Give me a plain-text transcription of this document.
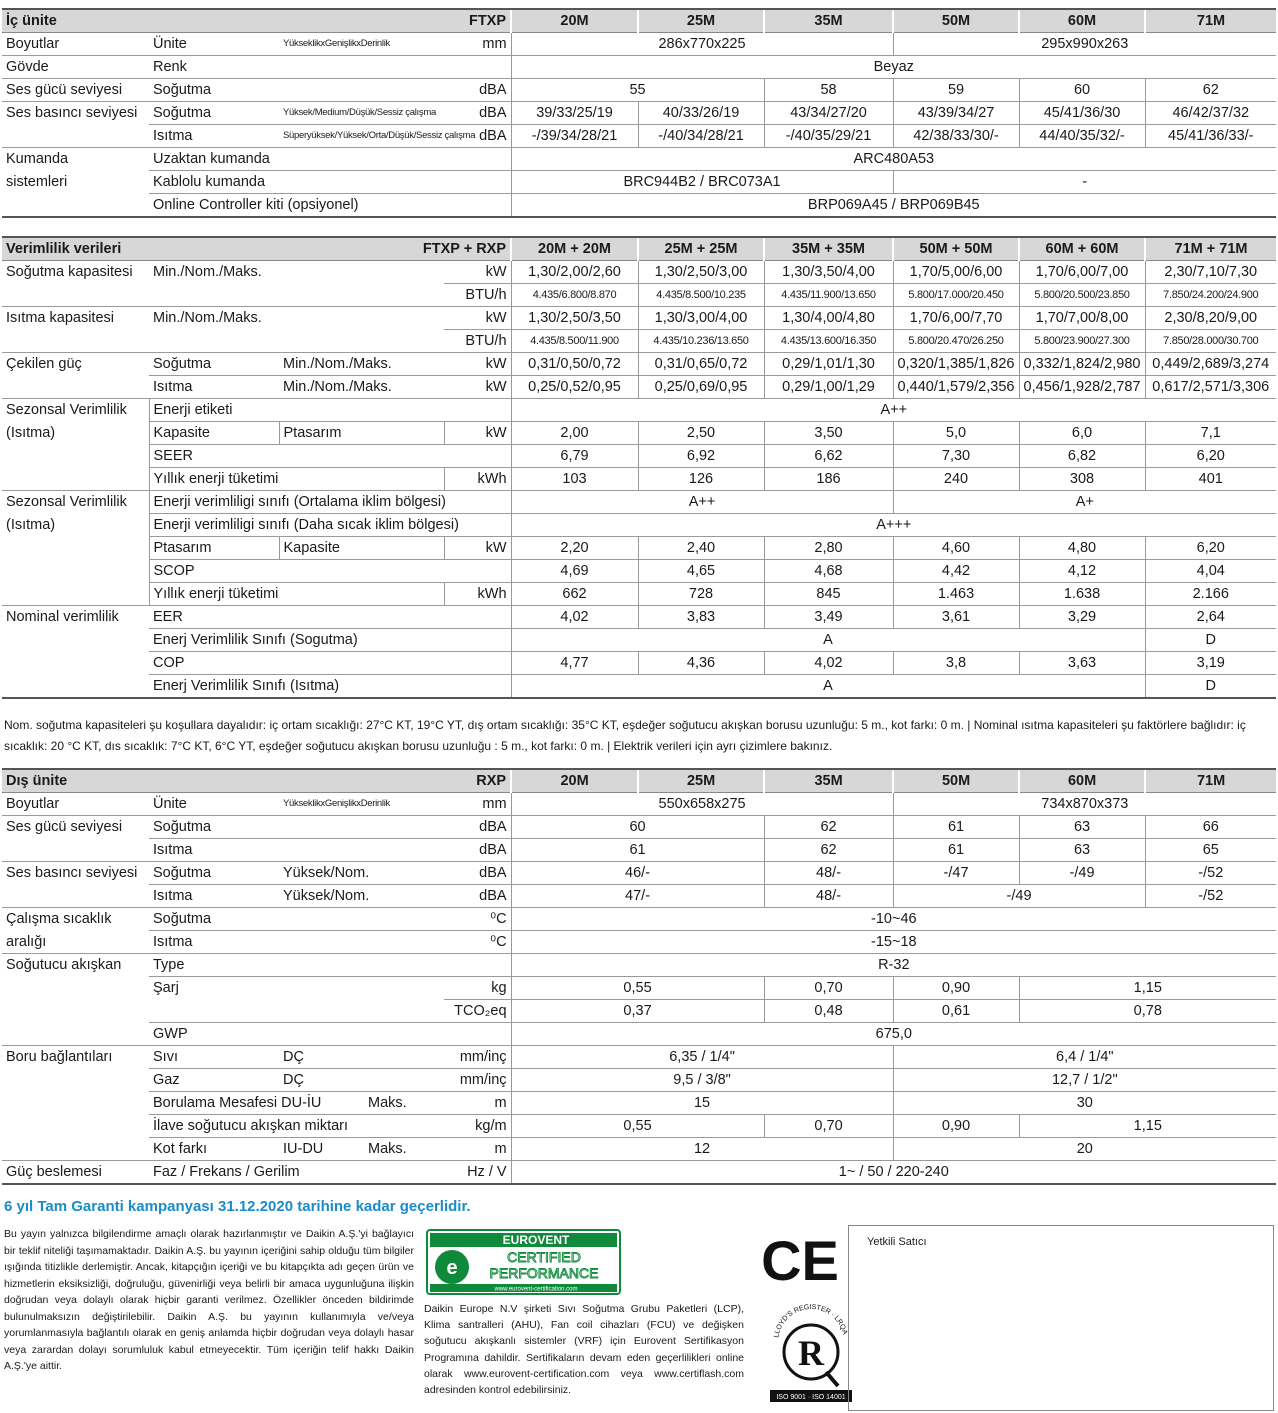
İç ünite			FTXP	20M	25M	35M	50M	60M	71M
Boyutlar	Ünite	YükseklikxGenişlikxDerinlik	mm	286x770x225			295x990x263		
Gövde	Renk			Beyaz					
Ses gücü seviyesi	Soğutma		dBA	55		58	59	60	62
Ses basıncı seviyesi	Soğutma	Yüksek/Medium/Düşük/Sessiz çalışma	dBA	39/33/25/19	40/33/26/19	43/34/27/20	43/39/34/27	45/41/36/30	46/42/37/32
	Isıtma	Süperyüksek/Yüksek/Orta/Düşük/Sessiz çalışma	dBA	-/39/34/28/21	-/40/34/28/21	-/40/35/29/21	42/38/33/30/-	44/40/35/32/-	45/41/36/33/-
Kumanda	Uzaktan kumanda			ARC480A53					
sistemleri	Kablolu kumanda			BRC944B2 / BRC073A1			-		
	Online Controller kiti (opsiyonel)			BRP069A45 / BRP069B45					
Verimlilik verileri		FTXP + RXP		20M + 20M	25M + 25M	35M + 35M	50M + 50M	60M + 60M	71M + 71M
Soğutma kapasitesi	Min./Nom./Maks.		kW	1,30/2,00/2,60	1,30/2,50/3,00	1,30/3,50/4,00	1,70/5,00/6,00	1,70/6,00/7,00	2,30/7,10/7,30
			BTU/h	4.435/6.800/8.870	4.435/8.500/10.235	4.435/11.900/13.650	5.800/17.000/20.450	5.800/20.500/23.850	7.850/24.200/24.900
Isıtma kapasitesi	Min./Nom./Maks.		kW	1,30/2,50/3,50	1,30/3,00/4,00	1,30/4,00/4,80	1,70/6,00/7,70	1,70/7,00/8,00	2,30/8,20/9,00
			BTU/h	4.435/8.500/11.900	4.435/10.236/13.650	4.435/13.600/16.350	5.800/20.470/26.250	5.800/23.900/27.300	7.850/28.000/30.700
Çekilen güç	Soğutma	Min./Nom./Maks.	kW	0,31/0,50/0,72	0,31/0,65/0,72	0,29/1,01/1,30	0,320/1,385/1,826	0,332/1,824/2,980	0,449/2,689/3,274
	Isıtma	Min./Nom./Maks.	kW	0,25/0,52/0,95	0,25/0,69/0,95	0,29/1,00/1,29	0,440/1,579/2,356	0,456/1,928/2,787	0,617/2,571/3,306
Sezonsal Verimlilik	Enerji etiketi			A++					
(Isıtma)	Kapasite	Ptasarım	kW	2,00	2,50	3,50	5,0	6,0	7,1
	SEER			6,79	6,92	6,62	7,30	6,82	6,20
	Yıllık enerji tüketimi		kWh	103	126	186	240	308	401
Sezonsal Verimlilik	Enerji verimliligi sınıfı (Ortalama iklim bölgesi)			A++			A+		
(Isıtma)	Enerji verimliligi sınıfı (Daha sıcak iklim bölgesi)			A+++					
	Ptasarım	Kapasite	kW	2,20	2,40	2,80	4,60	4,80	6,20
	SCOP			4,69	4,65	4,68	4,42	4,12	4,04
	Yıllık enerji tüketimi		kWh	662	728	845	1.463	1.638	2.166
Nominal verimlilik	EER			4,02	3,83	3,49	3,61	3,29	2,64
	Enerj Verimlilik Sınıfı (Sogutma)			A					D
	COP			4,77	4,36	4,02	3,8	3,63	3,19
	Enerj Verimlilik Sınıfı (Isıtma)			A					D

Nom. soğutma kapasiteleri şu koşullara dayalıdır: iç ortam sıcaklığı: 27°C KT, 19°C YT, dış ortam sıcaklığı: 35°C KT, eşdeğer soğutucu akışkan borusu uzunluğu: 5 m., kot farkı: 0 m. | Nominal ısıtma kapasiteleri şu faktörlere bağlıdır: iç sıcaklık: 20 °C KT, dıs sıcaklık: 7°C KT, 6°C YT, eşdeğer soğutucu akışkan borusu uzunluğu : 5 m., kot farkı: 0 m. | Elektrik verileri için ayrı çizimlere bakınız.

Dış ünite				RXP	20M	25M	35M	50M	60M	71M
Boyutlar	Ünite	YükseklikxGenişlikxDerinlik		mm	550x658x275			734x870x373		
Ses gücü seviyesi	Soğutma			dBA	60		62	61	63	66
	Isıtma			dBA	61		62	61	63	65
Ses basıncı seviyesi	Soğutma	Yüksek/Nom.		dBA	46/-		48/-	-/47	-/49	-/52
	Isıtma	Yüksek/Nom.		dBA	47/-		48/-	-/49		-/52
Çalışma sıcaklık	Soğutma			⁰C	-10~46					
aralığı	Isıtma			⁰C	-15~18					
Soğutucu akışkan	Type				R-32					
	Şarj			kg	0,55		0,70	0,90	1,15	
				TCO₂eq	0,37		0,48	0,61	0,78	
	GWP				675,0					
Boru bağlantıları	Sıvı	DÇ		mm/inç	6,35 / 1/4"			6,4 / 1/4"		
	Gaz	DÇ		mm/inç	9,5 / 3/8"			12,7 / 1/2"		
	Borulama Mesafesi DU-İU		Maks.	m	15			30		
	İlave soğutucu akışkan miktarı			kg/m	0,55		0,70	0,90	1,15	
	Kot farkı	IU-DU	Maks.	m	12			20		
Güç beslemesi	Faz / Frekans / Gerilim			Hz / V	1~ / 50 / 220-240					

6 yıl Tam Garanti kampanyası 31.12.2020 tarihine kadar geçerlidir.

Bu yayın yalnızca bilgilendirme amaçlı olarak hazırlanmıştır ve Daikin A.Ş.'yi bağlayıcı bir teklif niteliği taşımamaktadır. Daikin A.Ş. bu yayının içeriğini sahip olduğu tüm bilgiler ışığında titizlikle derlemiştir. Ancak, kitapçığın içeriği ve bu kitapçıkta adı geçen ürün ve hizmetlerin eksiksizliği, doğruluğu, güvenirliği veya belirli bir amaca uygunluğuna ilişkin doğrudan veya dolaylı olarak hiçbir garanti verilmez. Özellikler önceden bildirimde bulunulmaksızın değiştirilebilir. Daikin A.Ş. bu yayının kullanımıyla ve/veya yorumlanmasıyla bağlantılı olarak en geniş anlamda hiçbir doğrudan veya dolaylı hasar veya zarardan dolayı sorumluluk kabul etmeyecektir. Tüm içeriğin telif hakkı Daikin A.Ş.'ye aittir.

e
EUROVENT
CERTIFIED
PERFORMANCE
www.eurovent-certification.com

Daikin Europe N.V şirketi Sıvı Soğutma Grubu Paketleri (LCP), Klima santralleri (AHU), Fan coil cihazları (FCU) ve değişken soğutucu akışkanlı sistemler (VRF) için Eurovent Sertifikasyon Programına dahildir. Sertifikaların devam eden geçerlilikleri online olarak www.eurovent-certification.com veya www.certiflash.com adresinden kontrol edebilirsiniz.

CE
LLOYD'S REGISTER · LRQA
R
ISO 9001 · ISO 14001
Yetkili Satıcı
